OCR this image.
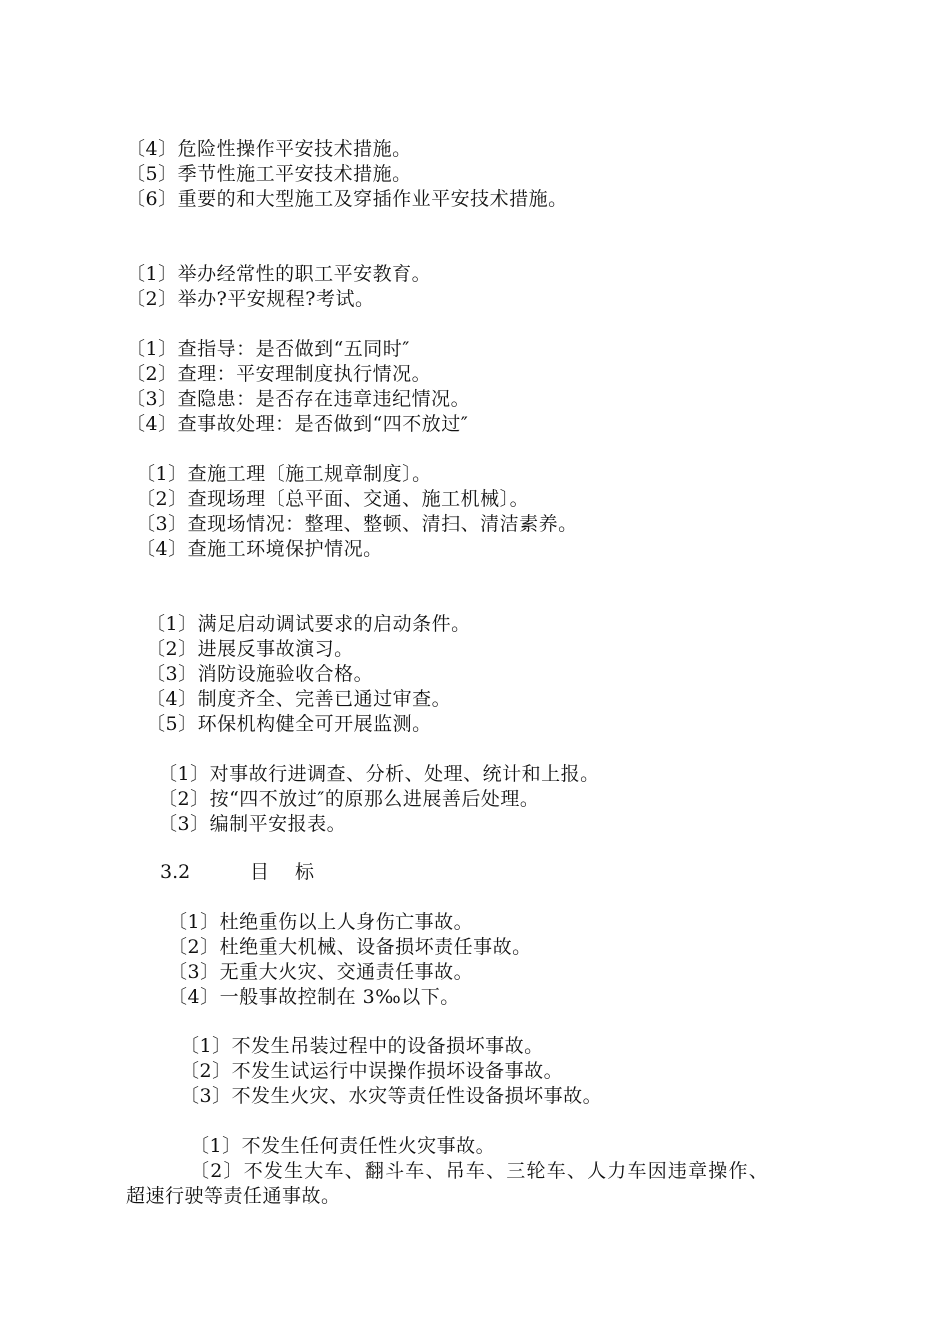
〔4〕危险性操作平安技术措施。
〔5〕季节性施工平安技术措施。
〔6〕重要的和大型施工及穿插作业平安技术措施。
〔1〕举办经常性的职工平安教育。
〔2〕举办?平安规程?考试。
〔1〕查指导：是否做到“五同时″
〔2〕查理：平安理制度执行情况。
〔3〕查隐患：是否存在违章违纪情况。
〔4〕查事故处理：是否做到“四不放过″
〔1〕查施工理〔施工规章制度〕。
〔2〕查现场理〔总平面、交通、施工机械〕。
〔3〕查现场情况：整理、整顿、清扫、清洁素养。
〔4〕查施工环境保护情况。
〔1〕满足启动调试要求的启动条件。
〔2〕进展反事故演习。
〔3〕消防设施验收合格。
〔4〕制度齐全、完善已通过审查。
〔5〕环保机构健全可开展监测。
〔1〕对事故行进调查、分析、处理、统计和上报。
〔2〕按“四不放过″的原那么进展善后处理。
〔3〕编制平安报表。
3.2	目 标
〔1〕杜绝重伤以上人身伤亡事故。
〔2〕杜绝重大机械、设备损坏责任事故。
〔3〕无重大火灾、交通责任事故。
〔4〕一般事故控制在 3‰以下。
〔1〕不发生吊装过程中的设备损坏事故。
〔2〕不发生试运行中误操作损坏设备事故。
〔3〕不发生火灾、水灾等责任性设备损坏事故。
〔1〕不发生任何责任性火灾事故。
〔2〕不发生大车、翻斗车、吊车、三轮车、人力车因违章操作、
超速行驶等责任通事故。
